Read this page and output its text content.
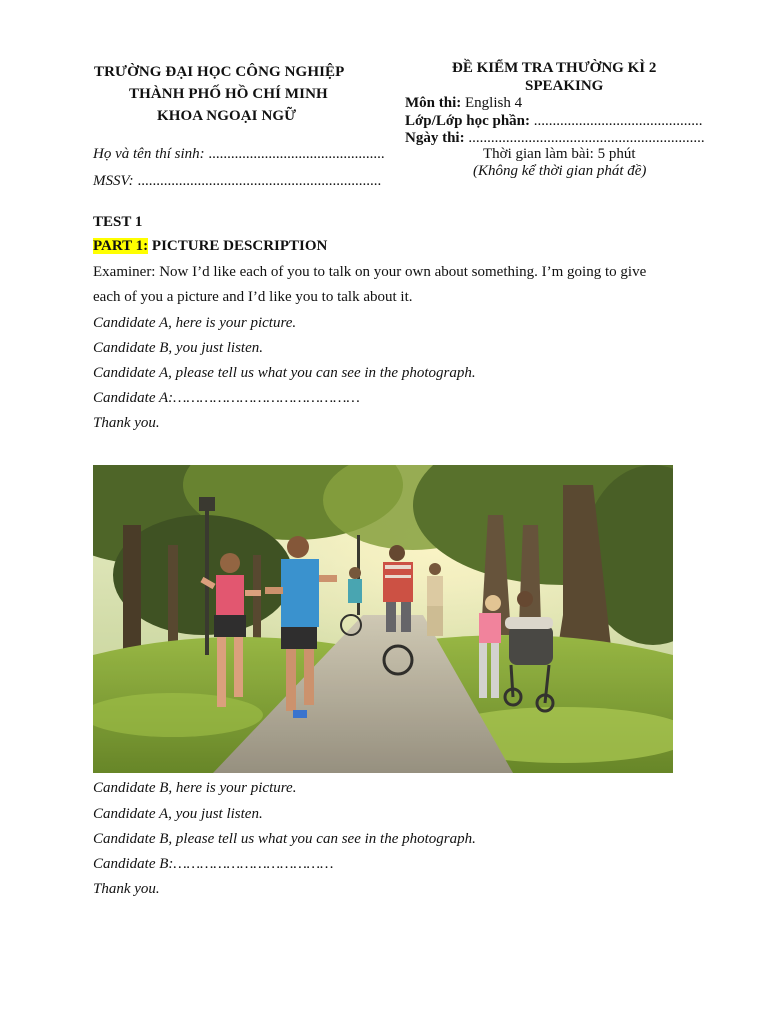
TRƯỜNG ĐẠI HỌC CÔNG NGHIỆP
THÀNH PHỐ HỒ CHÍ MINH
KHOA NGOẠI NGỮ
Họ và tên thí sinh: ...............................................
MSSV: .................................................................
ĐỀ KIỂM TRA THƯỜNG KÌ 2
SPEAKING
Môn thi: English 4
Lớp/Lớp học phần: .............................................
Ngày thi: ...............................................................
Thời gian làm bài: 5 phút
(Không kể thời gian phát đề)
TEST 1
PART 1: PICTURE DESCRIPTION
Examiner: Now I’d like each of you to talk on your own about something. I’m going to give
each of you a picture and I’d like you to talk about it.
Candidate A, here is your picture.
Candidate B, you just listen.
Candidate A, please tell us what you can see in the photograph.
Candidate A:……………………………………
Thank you.
Candidate B, here is your picture.
Candidate A, you just listen.
Candidate B, please tell us what you can see in the photograph.
Candidate B:………………………………
Thank you.
